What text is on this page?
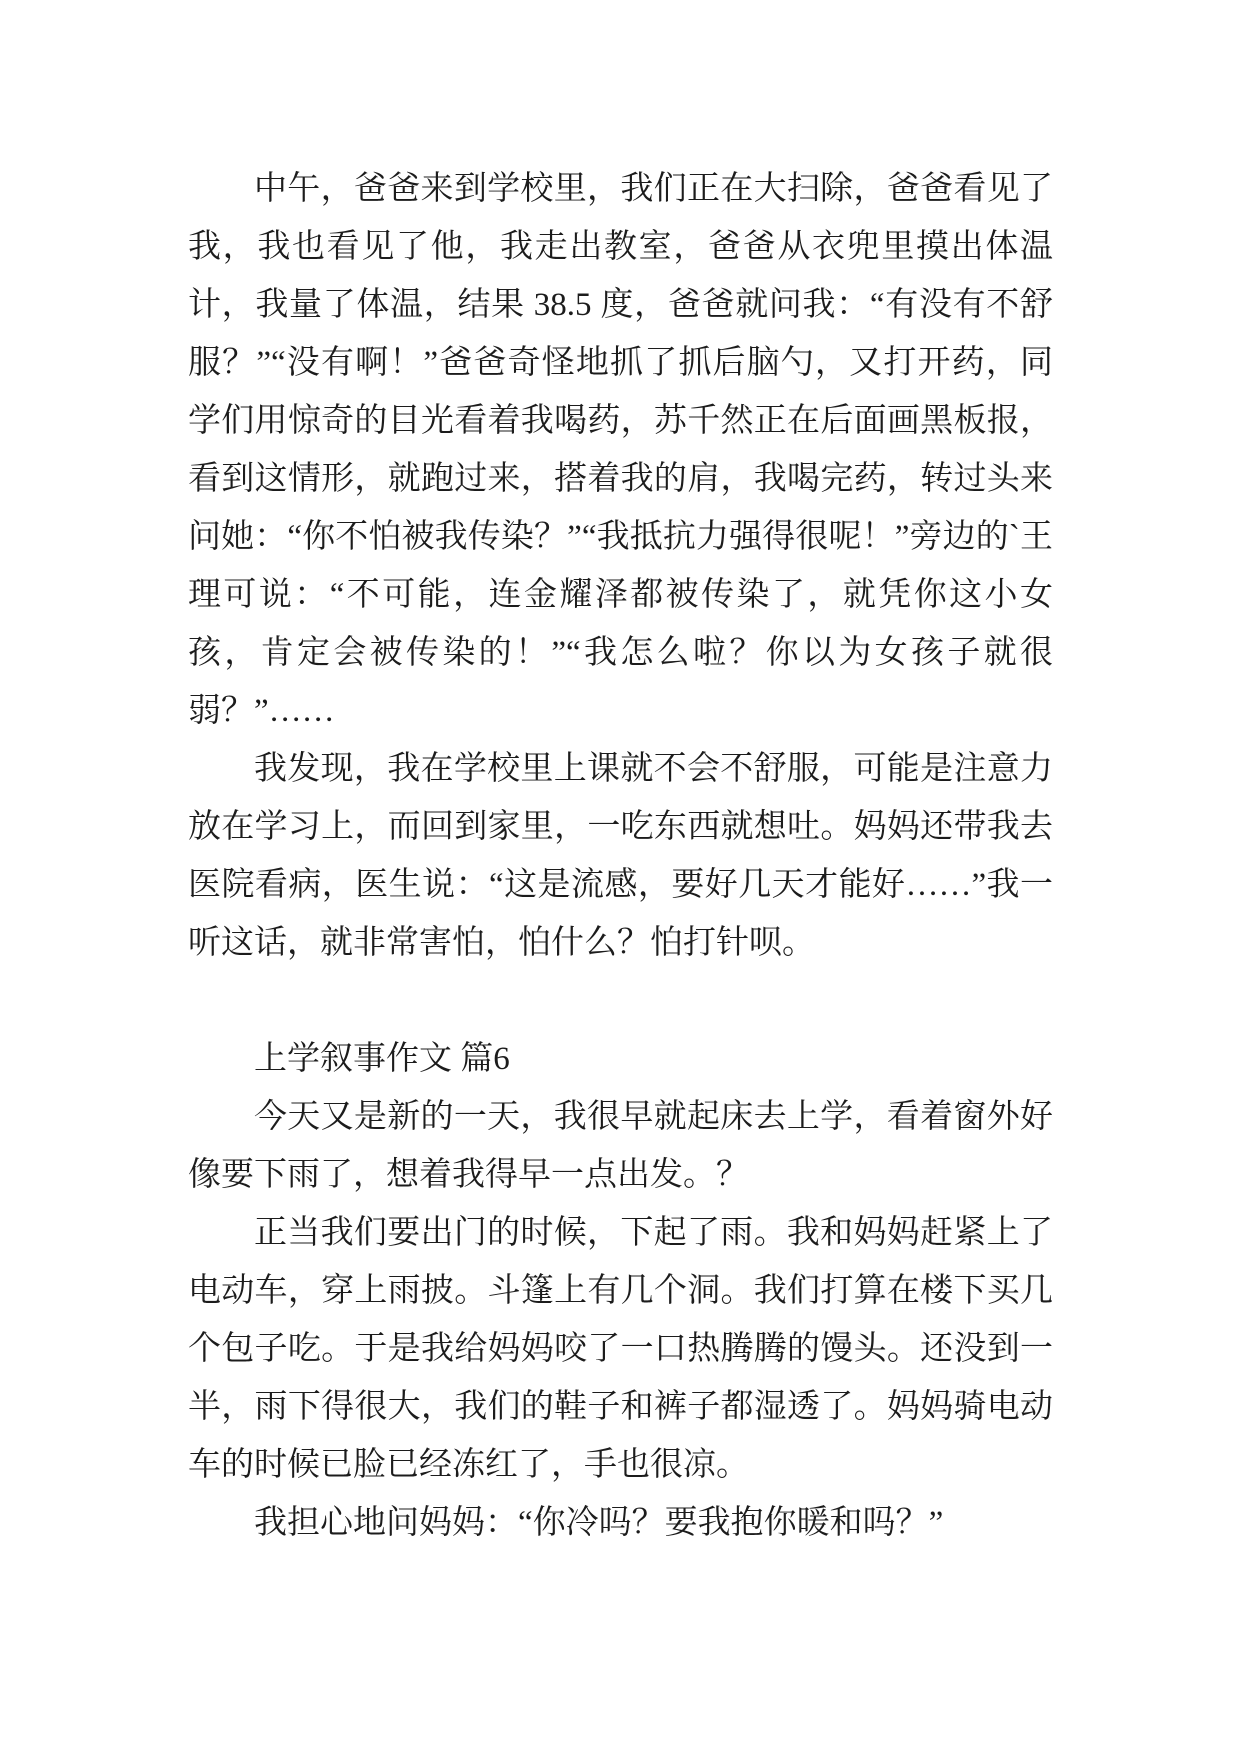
中午，爸爸来到学校里，我们正在大扫除，爸爸看见了我，我也看见了他，我走出教室，爸爸从衣兜里摸出体温计，我量了体温，结果 38.5 度，爸爸就问我：“有没有不舒服？”“没有啊！”爸爸奇怪地抓了抓后脑勺，又打开药，同学们用惊奇的目光看着我喝药，苏千然正在后面画黑板报，看到这情形，就跑过来，搭着我的肩，我喝完药，转过头来问她：“你不怕被我传染？”“我抵抗力强得很呢！”旁边的`王理可说：“不可能，连金耀泽都被传染了，就凭你这小女孩，肯定会被传染的！”“我怎么啦？你以为女孩子就很弱？”……

我发现，我在学校里上课就不会不舒服，可能是注意力放在学习上，而回到家里，一吃东西就想吐。妈妈还带我去医院看病，医生说：“这是流感，要好几天才能好……”我一听这话，就非常害怕，怕什么？怕打针呗。

上学叙事作文 篇6

今天又是新的一天，我很早就起床去上学，看着窗外好像要下雨了，想着我得早一点出发。？

正当我们要出门的时候，下起了雨。我和妈妈赶紧上了电动车，穿上雨披。斗篷上有几个洞。我们打算在楼下买几个包子吃。于是我给妈妈咬了一口热腾腾的馒头。还没到一半，雨下得很大，我们的鞋子和裤子都湿透了。妈妈骑电动车的时候已脸已经冻红了，手也很凉。

我担心地问妈妈：“你冷吗？要我抱你暖和吗？”
